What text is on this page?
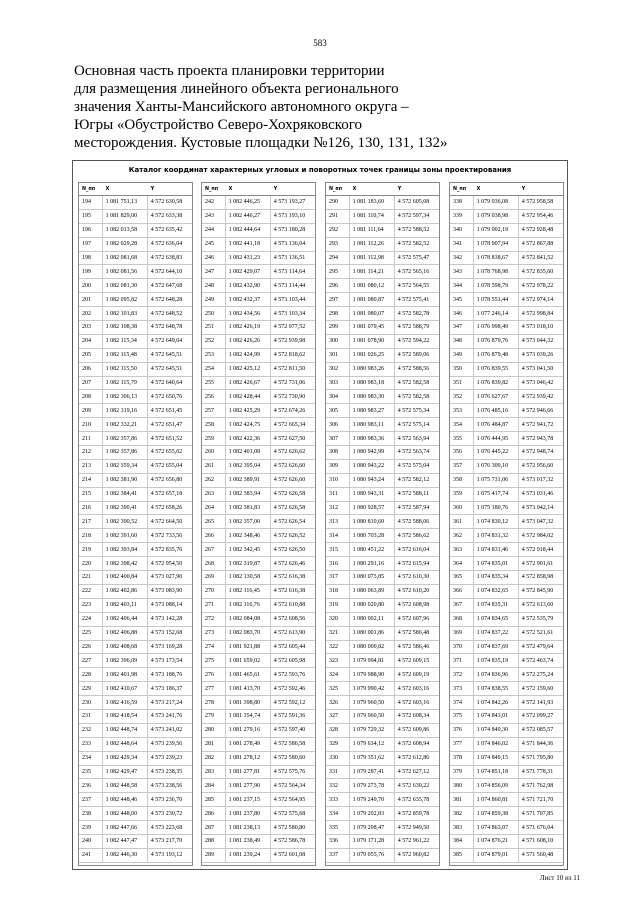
583
Основная часть проекта планировки территории
для размещения линейного объекта регионального
значения Ханты-Мансийского автономного округа –
Югры «Обустройство Северо-Хохряковского
месторождения. Кустовые площадки №126, 130, 131, 132»
Каталог координат характерных угловых и поворотных точек границы зоны проектирования
N_пп	X	Y
194	1 081 751,13	4 572 630,58
195	1 081 829,00	4 572 633,38
196	1 082 013,58	4 572 635,42
197	1 082 029,28	4 572 636,04
198	1 082 081,68	4 572 638,83
199	1 082 081,56	4 572 644,10
200	1 082 081,30	4 572 647,68
201	1 082 095,82	4 572 648,28
202	1 082 101,83	4 572 648,52
203	1 082 108,38	4 572 648,78
204	1 082 115,34	4 572 649,04
205	1 082 115,48	4 572 645,51
206	1 082 115,50	4 572 645,51
207	1 082 115,79	4 572 640,64
208	1 082 306,13	4 572 650,76
209	1 082 319,16	4 572 651,45
210	1 082 332,21	4 572 651,47
211	1 082 357,86	4 572 651,52
212	1 082 357,86	4 572 655,02
213	1 082 359,34	4 572 655,04
214	1 082 381,90	4 572 656,80
215	1 082 384,41	4 572 657,18
216	1 082 390,41	4 572 658,26
217	1 082 390,52	4 572 664,50
218	1 082 391,60	4 572 733,56
219	1 082 393,84	4 572 835,76
220	1 082 398,42	4 572 954,50
221	1 082 400,84	4 573 027,90
222	1 082 402,86	4 573 083,90
223	1 082 403,11	4 573 088,14
224	1 082 406,44	4 573 142,28
225	1 082 406,88	4 573 152,68
226	1 082 408,68	4 573 169,28
227	1 082 396,09	4 573 173,54
228	1 082 401,98	4 573 188,76
229	1 082 410,67	4 573 186,37
230	1 082 416,59	4 573 217,24
231	1 082 418,54	4 573 241,76
232	1 082 448,74	4 573 241,02
233	1 082 448,64	4 573 239,56
234	1 082 429,34	4 573 239,23
235	1 082 429,47	4 573 238,35
236	1 082 448,58	4 573 238,56
237	1 082 448,46	4 573 236,70
238	1 082 448,00	4 573 230,72
239	1 082 447,66	4 573 223,68
240	1 082 447,47	4 573 217,70
241	1 082 446,30	4 573 193,12
N_пп	X	Y
242	1 082 446,25	4 573 193,27
243	1 082 446,27	4 573 193,10
244	1 082 444,64	4 573 180,28
245	1 082 441,18	4 573 136,04
246	1 082 431,23	4 573 136,51
247	1 082 429,07	4 573 114,64
248	1 082 432,90	4 573 114,44
249	1 082 432,37	4 573 103,44
250	1 082 434,56	4 573 103,34
251	1 082 426,19	4 572 977,52
252	1 082 426,26	4 572 939,98
253	1 082 424,99	4 572 818,62
254	1 082 425,12	4 572 811,50
255	1 082 426,67	4 572 731,06
256	1 082 428,44	4 572 730,90
257	1 082 425,29	4 572 674,26
258	1 082 424,75	4 572 665,34
259	1 082 422,36	4 572 627,50
260	1 082 401,08	4 572 626,62
261	1 082 395,04	4 572 626,60
262	1 082 389,91	4 572 626,60
263	1 082 383,94	4 572 626,58
264	1 082 381,83	4 572 626,58
265	1 082 357,00	4 572 626,54
266	1 082 348,46	4 572 626,52
267	1 082 342,45	4 572 626,50
268	1 082 319,87	4 572 626,46
269	1 082 130,58	4 572 616,38
270	1 082 116,45	4 572 616,38
271	1 082 116,76	4 572 610,88
272	1 082 084,08	4 572 608,56
273	1 082 083,70	4 572 613,90
274	1 081 921,88	4 572 605,44
275	1 081 659,02	4 572 605,98
276	1 081 465,61	4 572 593,76
277	1 081 413,70	4 572 592,46
278	1 081 398,80	4 572 592,12
279	1 081 354,74	4 572 591,36
280	1 081 279,16	4 572 597,40
281	1 081 278,49	4 572 586,58
282	1 081 278,12	4 572 580,60
283	1 081 277,81	4 572 575,76
284	1 081 277,90	4 572 564,34
285	1 081 237,15	4 572 564,95
286	1 081 237,80	4 572 575,68
287	1 081 238,13	4 572 580,80
288	1 081 238,49	4 572 586,78
289	1 081 239,24	4 572 601,08
N_пп	X	Y
290	1 081 183,60	4 572 605,08
291	1 081 110,74	4 572 597,34
292	1 081 111,64	4 572 588,52
293	1 081 112,26	4 572 582,52
294	1 081 112,98	4 572 575,47
295	1 081 114,21	4 572 565,16
296	1 081 080,12	4 572 564,55
297	1 081 080,87	4 572 575,41
298	1 081 080,07	4 572 582,78
299	1 081 079,45	4 572 588,79
300	1 081 078,90	4 572 594,22
301	1 081 026,25	4 572 589,06
302	1 080 983,26	4 572 588,56
303	1 080 983,18	4 572 582,58
304	1 080 983,30	4 572 582,58
305	1 080 983,27	4 572 575,34
306	1 080 983,11	4 572 575,14
307	1 080 983,36	4 572 563,94
308	1 080 942,99	4 572 563,74
309	1 080 943,22	4 572 575,04
310	1 080 943,24	4 572 582,12
311	1 080 943,31	4 572 588,11
312	1 080 928,57	4 572 587,94
313	1 080 810,60	4 572 588,06
314	1 080 703,28	4 572 586,62
315	1 080 451,22	4 572 616,04
316	1 080 291,16	4 572 615,94
317	1 080 073,85	4 572 610,30
318	1 080 063,89	4 572 610,20
319	1 080 020,80	4 572 608,98
320	1 080 002,11	4 572 607,96
321	1 080 001,86	4 572 586,48
322	1 080 000,82	4 572 586,46
323	1 079 994,81	4 572 609,15
324	1 079 988,90	4 572 609,19
325	1 079 990,42	4 572 603,16
326	1 079 960,50	4 572 603,16
327	1 079 960,50	4 572 608,34
328	1 079 729,32	4 572 609,86
329	1 079 634,12	4 572 608,94
330	1 079 351,62	4 572 612,86
331	1 079 287,41	4 572 627,12
332	1 079 273,78	4 572 630,22
333	1 079 249,70	4 572 635,78
334	1 079 202,83	4 572 859,78
335	1 079 208,47	4 572 949,50
336	1 079 171,28	4 572 961,22
337	1 079 055,76	4 572 960,82
N_пп	X	Y
338	1 079 036,08	4 572 958,58
339	1 079 038,98	4 572 954,46
340	1 079 002,19	4 572 928,48
341	1 078 907,94	4 572 867,88
342	1 078 838,67	4 572 841,52
343	1 078 768,98	4 572 835,60
344	1 078 598,79	4 572 978,22
345	1 078 551,44	4 572 974,14
346	1 077 246,14	4 572 998,84
347	1 076 998,49	4 573 018,10
348	1 076 879,76	4 573 044,32
349	1 076 879,48	4 573 039,26
350	1 076 839,55	4 573 041,50
351	1 076 839,82	4 573 046,42
352	1 076 627,67	4 572 939,42
353	1 076 485,16	4 572 946,66
354	1 076 484,87	4 572 941,72
355	1 076 444,95	4 572 943,78
356	1 076 445,22	4 572 948,74
357	1 076 309,10	4 572 956,60
358	1 075 731,06	4 573 017,32
359	1 075 417,74	4 573 031,46
360	1 075 180,76	4 573 042,14
361	1 074 830,12	4 573 047,32
362	1 074 831,32	4 572 984,02
363	1 074 831,46	4 572 918,44
364	1 074 835,01	4 572 901,61
365	1 074 835,34	4 572 858,98
366	1 074 832,65	4 572 845,90
367	1 074 835,31	4 572 613,60
368	1 074 834,65	4 572 535,79
369	1 074 837,22	4 572 521,61
370	1 074 837,69	4 572 479,64
371	1 074 835,19	4 572 463,74
372	1 074 836,96	4 572 275,24
373	1 074 838,55	4 572 159,60
374	1 074 842,26	4 572 141,93
375	1 074 843,01	4 572 099,27
376	1 074 840,30	4 572 085,57
377	1 074 846,02	4 571 844,36
378	1 074 849,15	4 571 795,80
379	1 074 851,18	4 571 778,31
380	1 074 856,09	4 571 762,98
381	1 074 860,81	4 571 721,70
382	1 074 859,38	4 571 707,85
383	1 074 863,07	4 571 676,04
384	1 074 876,21	4 571 608,10
385	1 074 879,01	4 571 560,48
Лист 10 из 11
